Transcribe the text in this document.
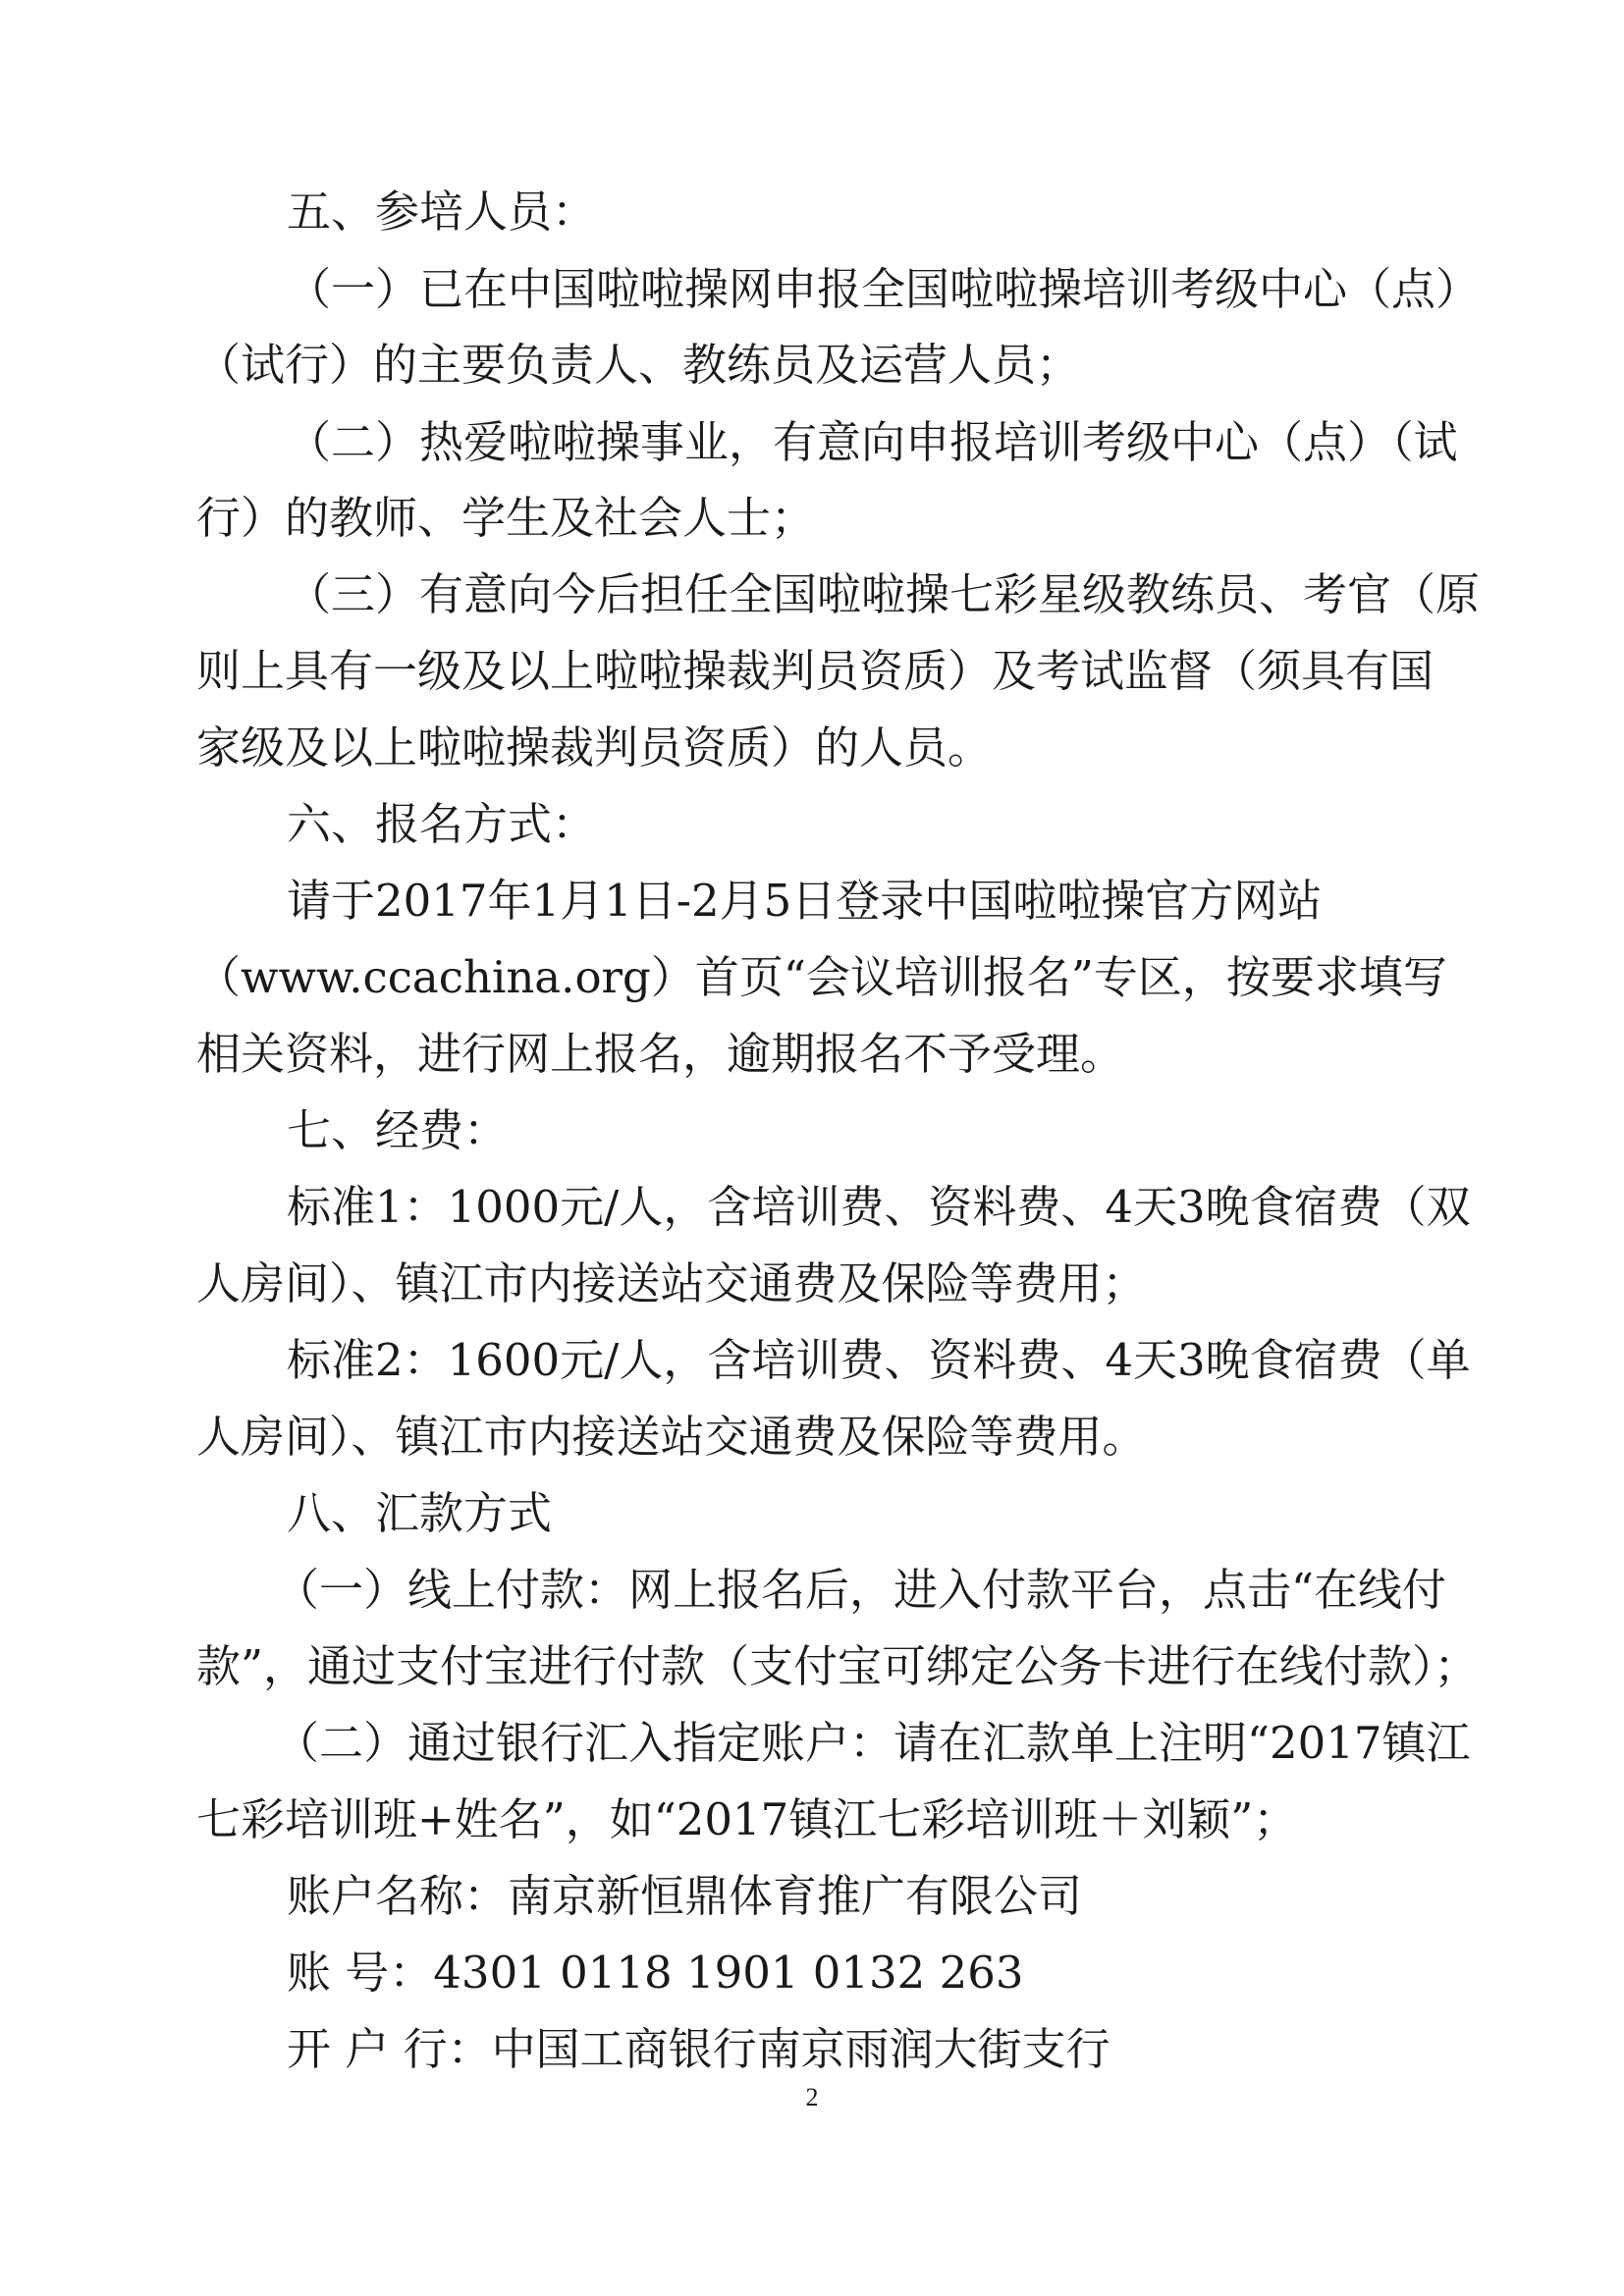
五、参培人员：
（一）已在中国啦啦操网申报全国啦啦操培训考级中心（点）
（试行）的主要负责人、教练员及运营人员；
（二）热爱啦啦操事业，有意向申报培训考级中心（点）（试
行）的教师、学生及社会人士；
（三）有意向今后担任全国啦啦操七彩星级教练员、考官（原
则上具有一级及以上啦啦操裁判员资质）及考试监督（须具有国
家级及以上啦啦操裁判员资质）的人员。
六、报名方式：
请于2017年1月1日-2月5日登录中国啦啦操官方网站
（www.ccachina.org）首页“会议培训报名”专区，按要求填写
相关资料，进行网上报名，逾期报名不予受理。
七、经费：
标准1：1000元/人，含培训费、资料费、4天3晚食宿费（双
人房间）、镇江市内接送站交通费及保险等费用；
标准2：1600元/人，含培训费、资料费、4天3晚食宿费（单
人房间）、镇江市内接送站交通费及保险等费用。
八、汇款方式
（一）线上付款：网上报名后，进入付款平台，点击“在线付
款”，通过支付宝进行付款（支付宝可绑定公务卡进行在线付款）；
（二）通过银行汇入指定账户：请在汇款单上注明“2017镇江
七彩培训班+姓名”，如“2017镇江七彩培训班＋刘颖”；
账户名称：南京新恒鼎体育推广有限公司
账 号：4301 0118 1901 0132 263
开 户 行：中国工商银行南京雨润大街支行
2
